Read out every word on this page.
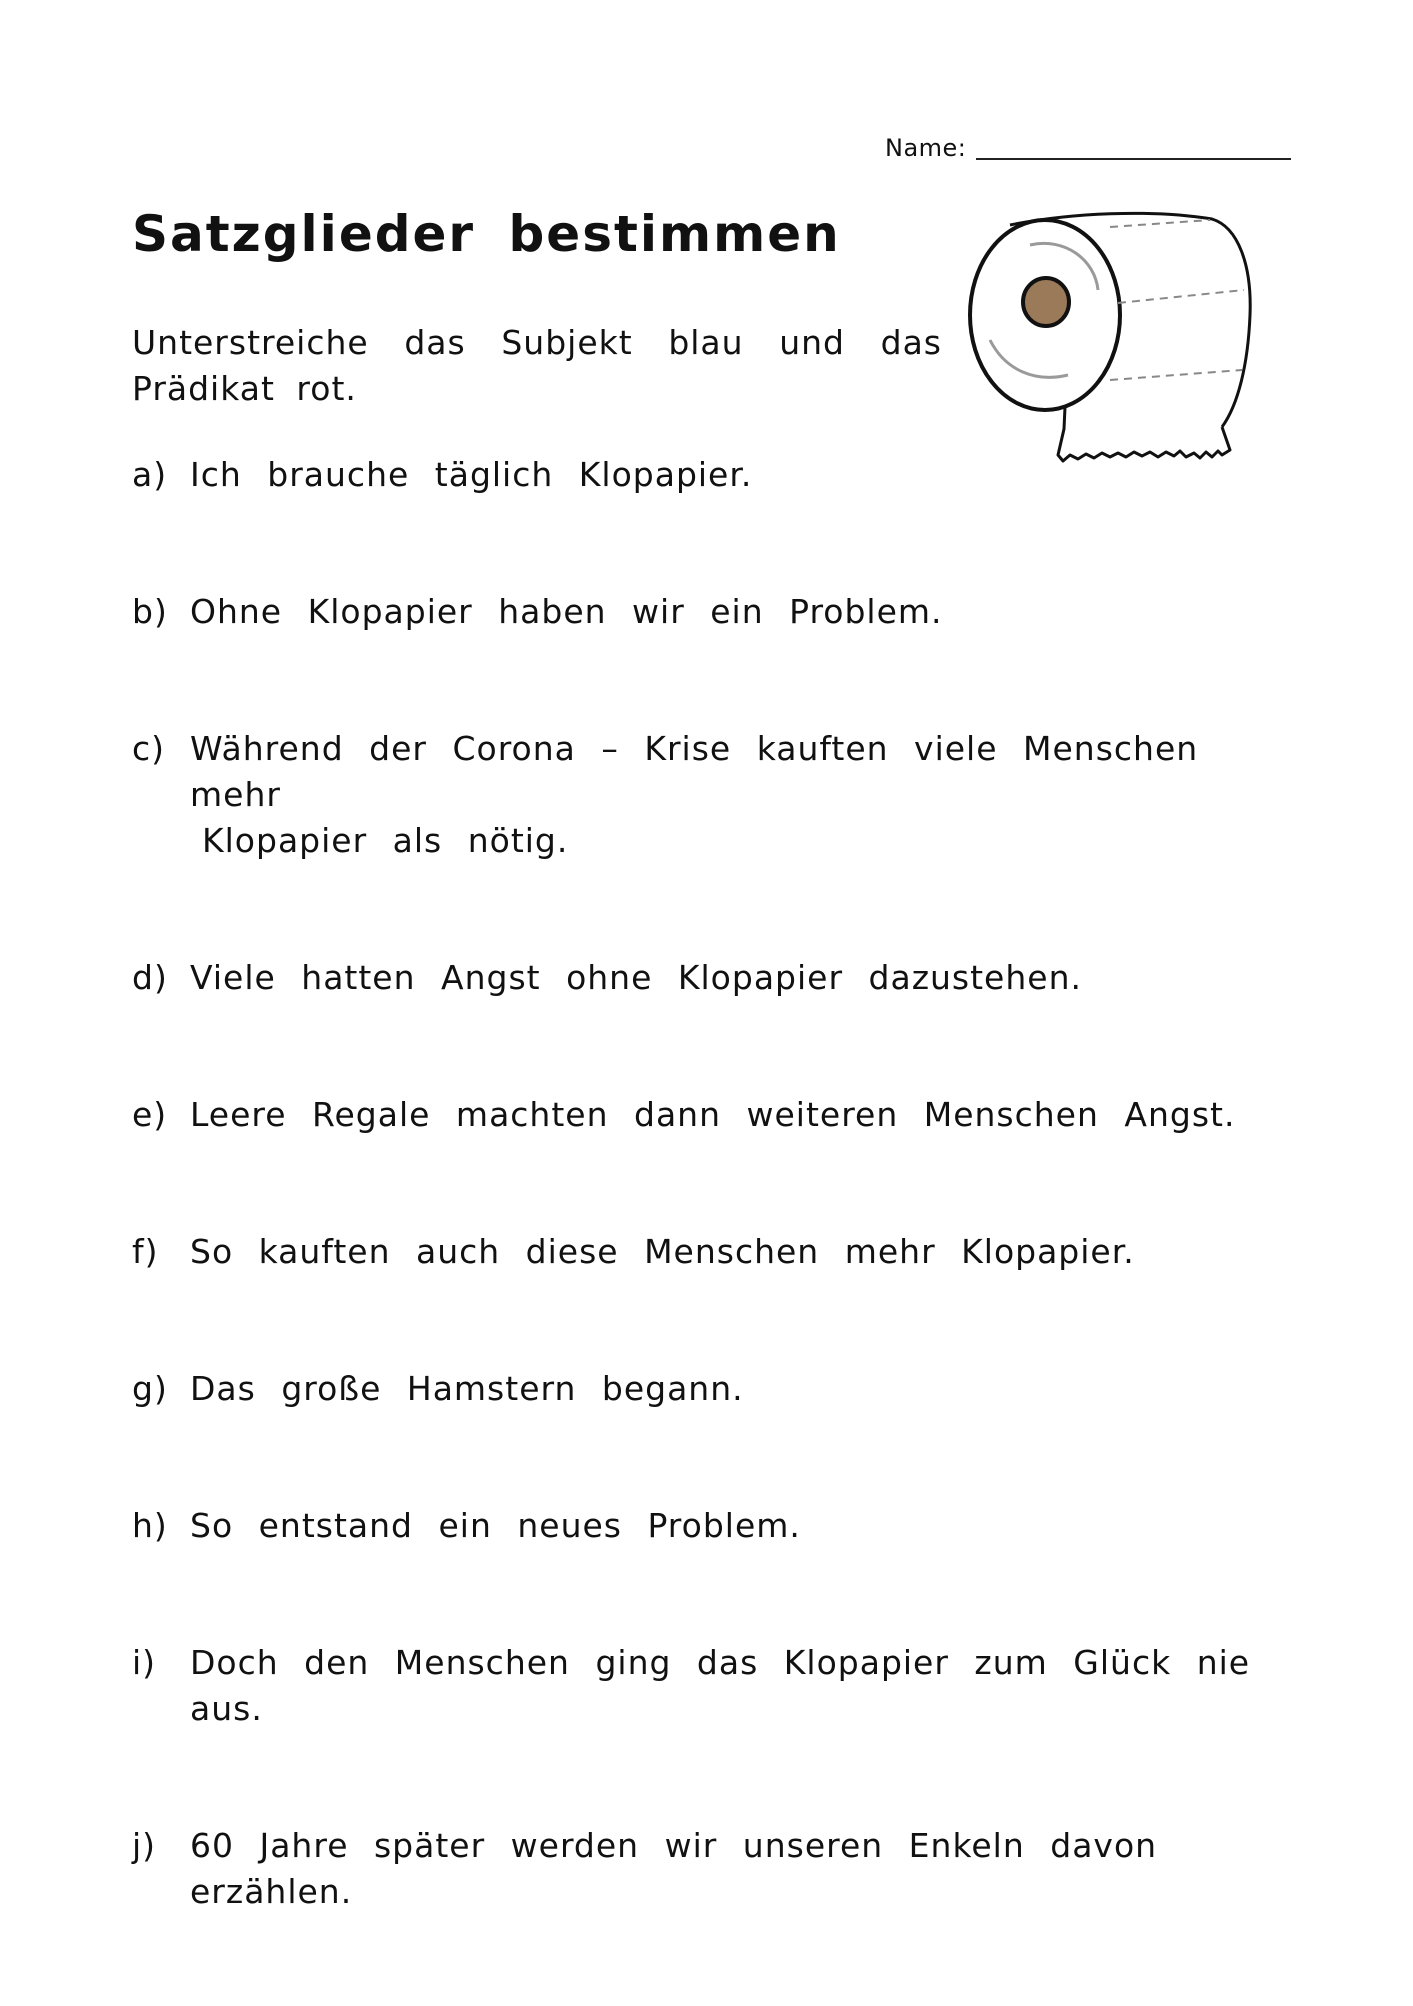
Name:
Satzglieder bestimmen
Unterstreiche das Subjekt blau und das Prädikat rot.
a) Ich brauche täglich Klopapier.
b) Ohne Klopapier haben wir ein Problem.
c) Während der Corona – Krise kauften viele Menschen mehr
Klopapier als nötig.
d) Viele hatten Angst ohne Klopapier dazustehen.
e) Leere Regale machten dann weiteren Menschen Angst.
f) So kauften auch diese Menschen mehr Klopapier.
g) Das große Hamstern begann.
h) So entstand ein neues Problem.
i)	Doch den Menschen ging das Klopapier zum Glück nie aus.
j)	60 Jahre später werden wir unseren Enkeln davon erzählen.
